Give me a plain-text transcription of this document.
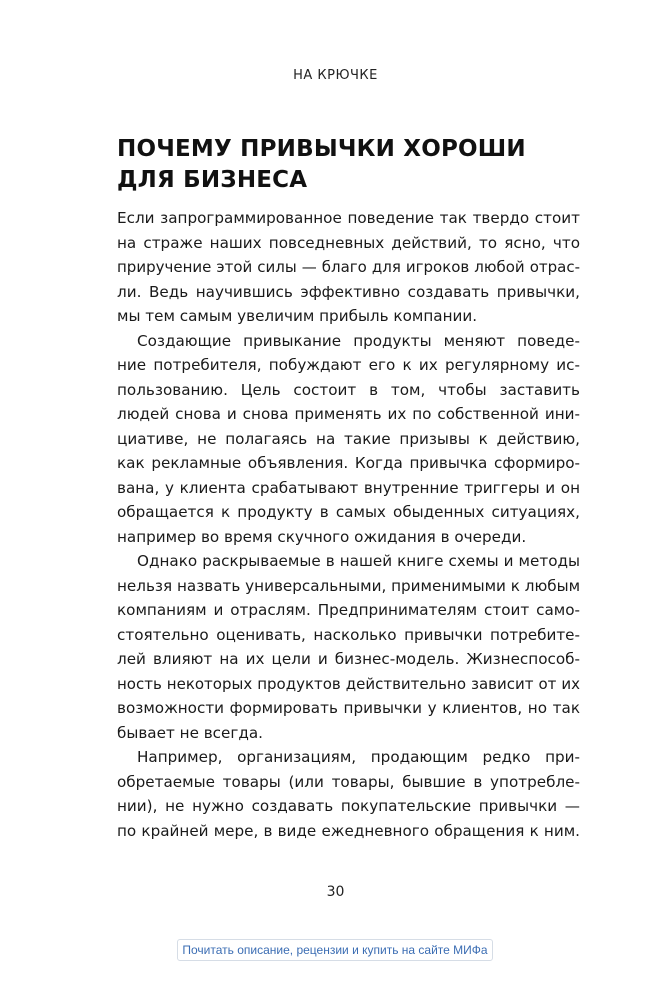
НА КРЮЧКЕ
ПОЧЕМУ ПРИВЫЧКИ ХОРОШИ
ДЛЯ БИЗНЕСА

Если запрограммированное поведение так твердо стоит
на страже наших повседневных действий, то ясно, что
приручение этой силы — благо для игроков любой отрас-
ли. Ведь научившись эффективно создавать привычки,
мы тем самым увеличим прибыль компании.

Создающие привыкание продукты меняют поведе-
ние потребителя, побуждают его к их регулярному ис-
пользованию. Цель состоит в том, чтобы заставить
людей снова и снова применять их по собственной ини-
циативе, не полагаясь на такие призывы к действию,
как рекламные объявления. Когда привычка сформиро-
вана, у клиента срабатывают внутренние триггеры и он
обращается к продукту в самых обыденных ситуациях,
например во время скучного ожидания в очереди.

Однако раскрываемые в нашей книге схемы и методы
нельзя назвать универсальными, применимыми к любым
компаниям и отраслям. Предпринимателям стоит само-
стоятельно оценивать, насколько привычки потребите-
лей влияют на их цели и бизнес-модель. Жизнеспособ-
ность некоторых продуктов действительно зависит от их
возможности формировать привычки у клиентов, но так
бывает не всегда.

Например, организациям, продающим редко при-
обретаемые товары (или товары, бывшие в употребле-
нии), не нужно создавать покупательские привычки —
по крайней мере, в виде ежедневного обращения к ним.

30
Почитать описание, рецензии и купить на сайте МИФа
